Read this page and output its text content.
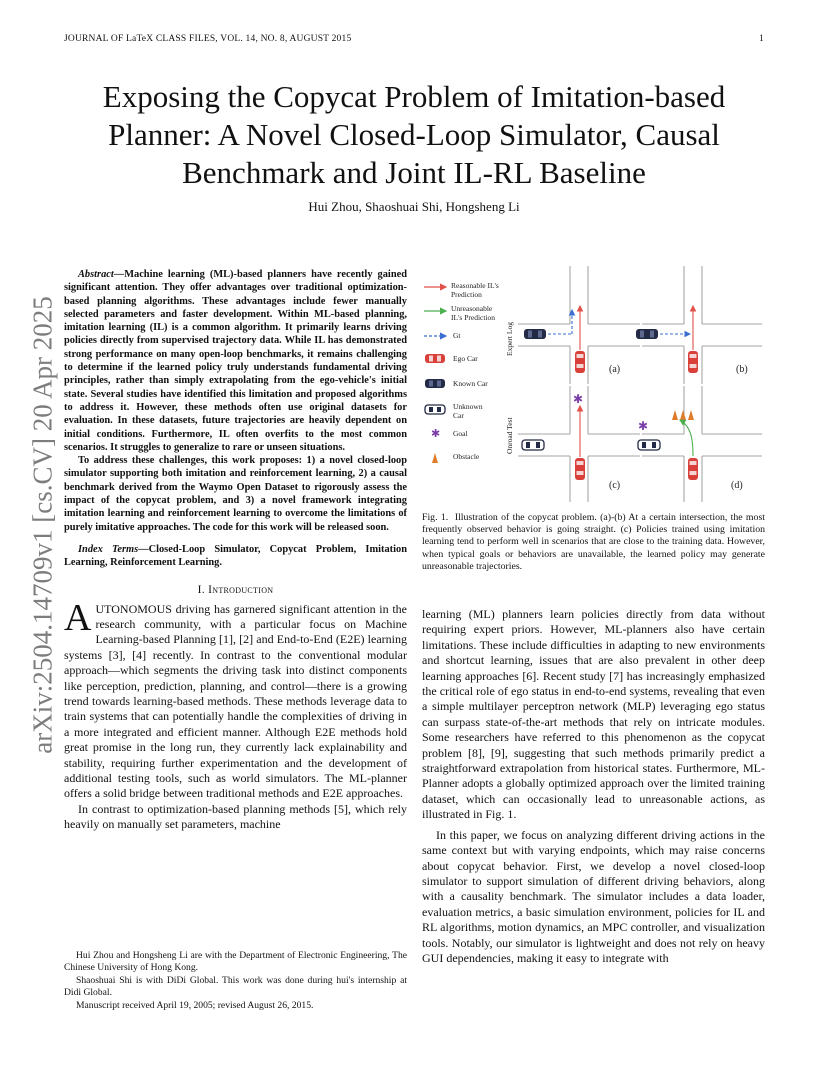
JOURNAL OF LaTeX CLASS FILES, VOL. 14, NO. 8, AUGUST 2015	1
Exposing the Copycat Problem of Imitation-based Planner: A Novel Closed-Loop Simulator, Causal Benchmark and Joint IL-RL Baseline
Hui Zhou, Shaoshuai Shi, Hongsheng Li
arXiv:2504.14709v1 [cs.CV] 20 Apr 2025

Abstract—Machine learning (ML)-based planners have recently gained significant attention. They offer advantages over traditional optimization-based planning algorithms. These advantages include fewer manually selected parameters and faster development. Within ML-based planning, imitation learning (IL) is a common algorithm. It primarily learns driving policies directly from supervised trajectory data. While IL has demonstrated strong performance on many open-loop benchmarks, it remains challenging to determine if the learned policy truly understands fundamental driving principles, rather than simply extrapolating from the ego-vehicle's initial state. Several studies have identified this limitation and proposed algorithms to address it. However, these methods often use original datasets for evaluation. In these datasets, future trajectories are heavily dependent on initial conditions. Furthermore, IL often overfits to the most common scenarios. It struggles to generalize to rare or unseen situations.

To address these challenges, this work proposes: 1) a novel closed-loop simulator supporting both imitation and reinforcement learning, 2) a causal benchmark derived from the Waymo Open Dataset to rigorously assess the impact of the copycat problem, and 3) a novel framework integrating imitation learning and reinforcement learning to overcome the limitations of purely imitative approaches. The code for this work will be released soon.

Index Terms—Closed-Loop Simulator, Copycat Problem, Imitation Learning, Reinforcement Learning.
I. Introduction

AUTONOMOUS driving has garnered significant attention in the research community, with a particular focus on Machine Learning-based Planning [1], [2] and End-to-End (E2E) learning systems [3], [4] recently. In contrast to the conventional modular approach—which segments the driving task into distinct components like perception, prediction, planning, and control—there is a growing trend towards learning-based methods. These methods leverage data to train systems that can potentially handle the complexities of driving in a more integrated and efficient manner. Although E2E methods hold great promise in the long run, they currently lack explainability and stability, requiring further experimentation and the development of additional testing tools, such as world simulators. The ML-planner offers a solid bridge between traditional methods and E2E approaches.

In contrast to optimization-based planning methods [5], which rely heavily on manually set parameters, machine

Hui Zhou and Hongsheng Li are with the Department of Electronic Engineering, The Chinese University of Hong Kong.

Shaoshuai Shi is with DiDi Global. This work was done during hui's internship at Didi Global.

Manuscript received April 19, 2005; revised August 26, 2015.

Reasonable IL's
Prediction
Unreasonable
IL's Prediction
Gt
Ego Car
Known Car
Unknown
Car
✱ Goal
Obstacle
Expert Log
Onroad Test
(a)	(b)
✱
(c)
✱
(d)
Fig. 1. Illustration of the copycat problem. (a)-(b) At a certain intersection, the most frequently observed behavior is going straight. (c) Policies trained using imitation learning tend to perform well in scenarios that are close to the training data. However, when typical goals or behaviors are unavailable, the learned policy may generate unreasonable trajectories.

learning (ML) planners learn policies directly from data without requiring expert priors. However, ML-planners also have certain limitations. These include difficulties in adapting to new environments and shortcut learning, issues that are also prevalent in other deep learning approaches [6]. Recent study [7] has increasingly emphasized the critical role of ego status in end-to-end systems, revealing that even a simple multilayer perceptron network (MLP) leveraging ego status can surpass state-of-the-art methods that rely on intricate modules. Some researchers have referred to this phenomenon as the copycat problem [8], [9], suggesting that such methods primarily predict a straightforward extrapolation from historical states. Furthermore, ML-Planner adopts a globally optimized approach over the limited training dataset, which can occasionally lead to unreasonable actions, as illustrated in Fig. 1.

In this paper, we focus on analyzing different driving actions in the same context but with varying endpoints, which may raise concerns about copycat behavior. First, we develop a novel closed-loop simulator to support simulation of different driving behaviors, along with a causality benchmark. The simulator includes a data loader, evaluation metrics, a basic simulation environment, policies for IL and RL algorithms, motion dynamics, an MPC controller, and visualization tools. Notably, our simulator is lightweight and does not rely on heavy GUI dependencies, making it easy to integrate with
